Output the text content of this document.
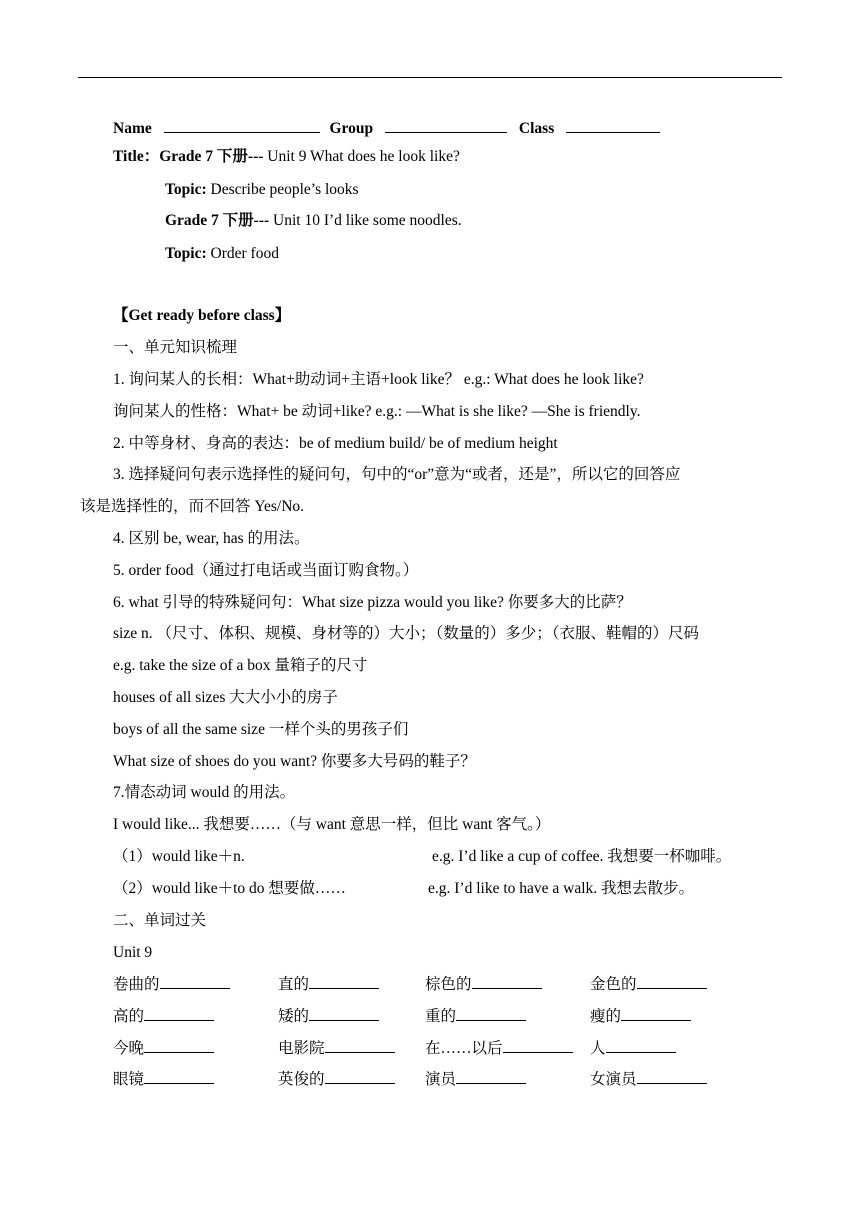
Name	Group	Class
Title：Grade 7 下册--- Unit 9 What does he look like?
Topic: Describe people’s looks
Grade 7 下册--- Unit 10 I’d like some noodles.
Topic: Order food
【Get ready before class】
一、单元知识梳理
1. 询问某人的长相：What+助动词+主语+look like？ e.g.: What does he look like?
询问某人的性格：What+ be 动词+like? e.g.: —What is she like? —She is friendly.
2. 中等身材、身高的表达：be of medium build/ be of medium height
3. 选择疑问句表示选择性的疑问句，句中的“or”意为“或者，还是”，所以它的回答应
该是选择性的，而不回答 Yes/No.
4. 区别 be, wear, has 的用法。
5. order food（通过打电话或当面订购食物。）
6. what 引导的特殊疑问句：What size pizza would you like? 你要多大的比萨？
size n. （尺寸、体积、规模、身材等的）大小；（数量的）多少；（衣服、鞋帽的）尺码
e.g. take the size of a box 量箱子的尺寸
houses of all sizes 大大小小的房子
boys of all the same size 一样个头的男孩子们
What size of shoes do you want? 你要多大号码的鞋子？
7.情态动词 would 的用法。
I would like... 我想要……（与 want 意思一样，但比 want 客气。）
（1）would like＋n.	e.g. I’d like a cup of coffee. 我想要一杯咖啡。
（2）would like＋to do 想要做……	e.g. I’d like to have a walk. 我想去散步。
二、单词过关
Unit 9
卷曲的	直的	棕色的	金色的
高的	矮的	重的	瘦的
今晚	电影院	在……以后	人
眼镜	英俊的	演员	女演员
